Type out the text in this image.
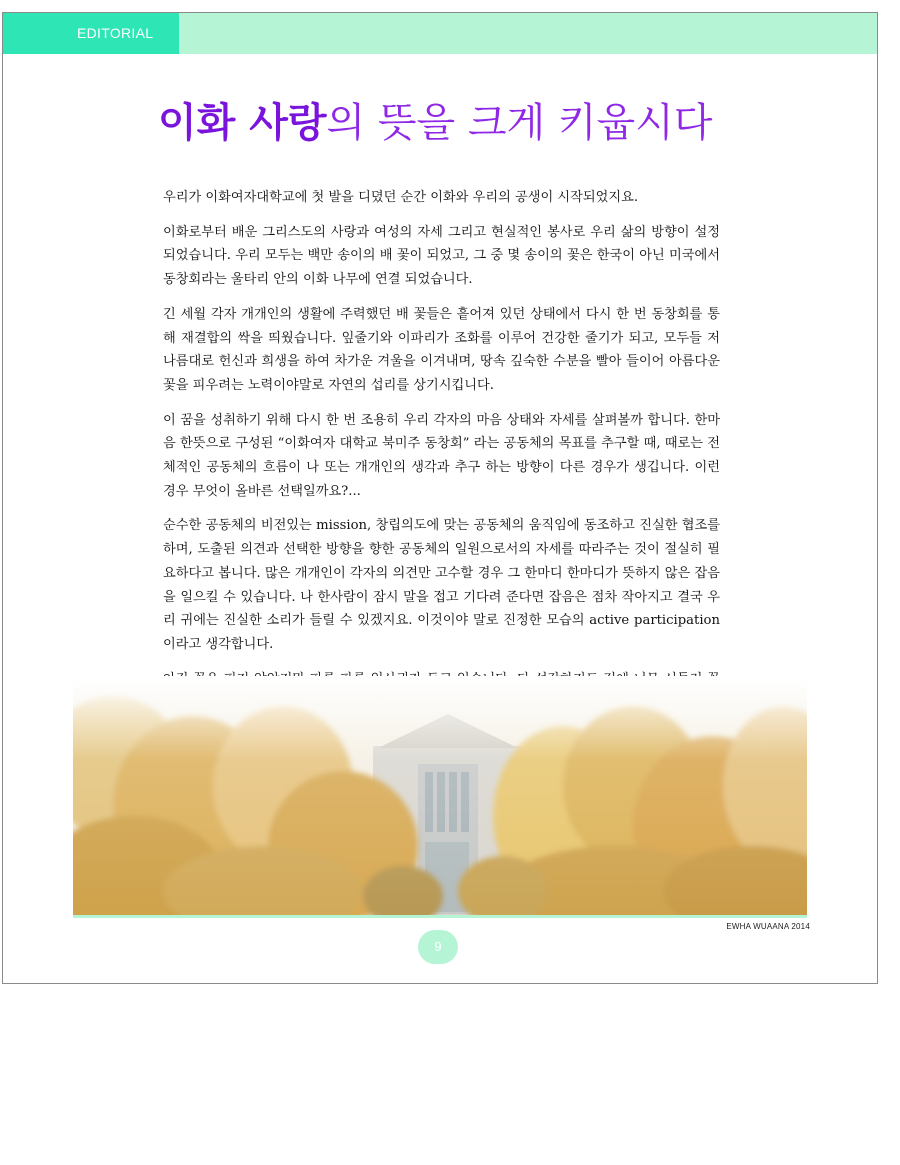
EDITORIAL
이화 사랑의 뜻을 크게 키웁시다

우리가 이화여자대학교에 첫 발을 디뎠던 순간 이화와 우리의 공생이 시작되었지요.

이화로부터 배운 그리스도의 사랑과 여성의 자세 그리고 현실적인 봉사로 우리 삶의 방향이 설정되었습니다. 우리 모두는 백만 송이의 배 꽃이 되었고, 그 중 몇 송이의 꽃은 한국이 아닌 미국에서 동창회라는 울타리 안의 이화 나무에 연결 되었습니다.

긴 세월 각자 개개인의 생활에 주력했던 배 꽃들은 흩어져 있던 상태에서 다시 한 번 동창회를 통해 재결합의 싹을 띄웠습니다. 잎줄기와 이파리가 조화를 이루어 건강한 줄기가 되고, 모두들 저 나름대로 헌신과 희생을 하여 차가운 겨울을 이겨내며, 땅속 깊숙한 수분을 빨아 들이어 아름다운 꽃을 피우려는 노력이야말로 자연의 섭리를 상기시킵니다.

이 꿈을 성취하기 위해 다시 한 번 조용히 우리 각자의 마음 상태와 자세를 살펴볼까 합니다. 한마음 한뜻으로 구성된 “이화여자 대학교 북미주 동창회” 라는 공동체의 목표를 추구할 때, 때로는 전체적인 공동체의 흐름이 나 또는 개개인의 생각과 추구 하는 방향이 다른 경우가 생깁니다. 이런 경우 무엇이 올바른 선택일까요?...

순수한 공동체의 비전있는 mission, 창립의도에 맞는 공동체의 움직임에 동조하고 진실한 협조를 하며, 도출된 의견과 선택한 방향을 향한 공동체의 일원으로서의 자세를 따라주는 것이 절실히 필요하다고 봅니다. 많은 개개인이 각자의 의견만 고수할 경우 그 한마디 한마디가 뜻하지 않은 잡음을 일으킬 수 있습니다. 나 한사람이 잠시 말을 접고 기다려 준다면 잡음은 점차 작아지고 결국 우리 귀에는 진실한 소리가 들릴 수 있겠지요. 이것이야 말로 진정한 모습의 active participation 이라고 생각합니다.

EWHA WUAANA 2014
9
